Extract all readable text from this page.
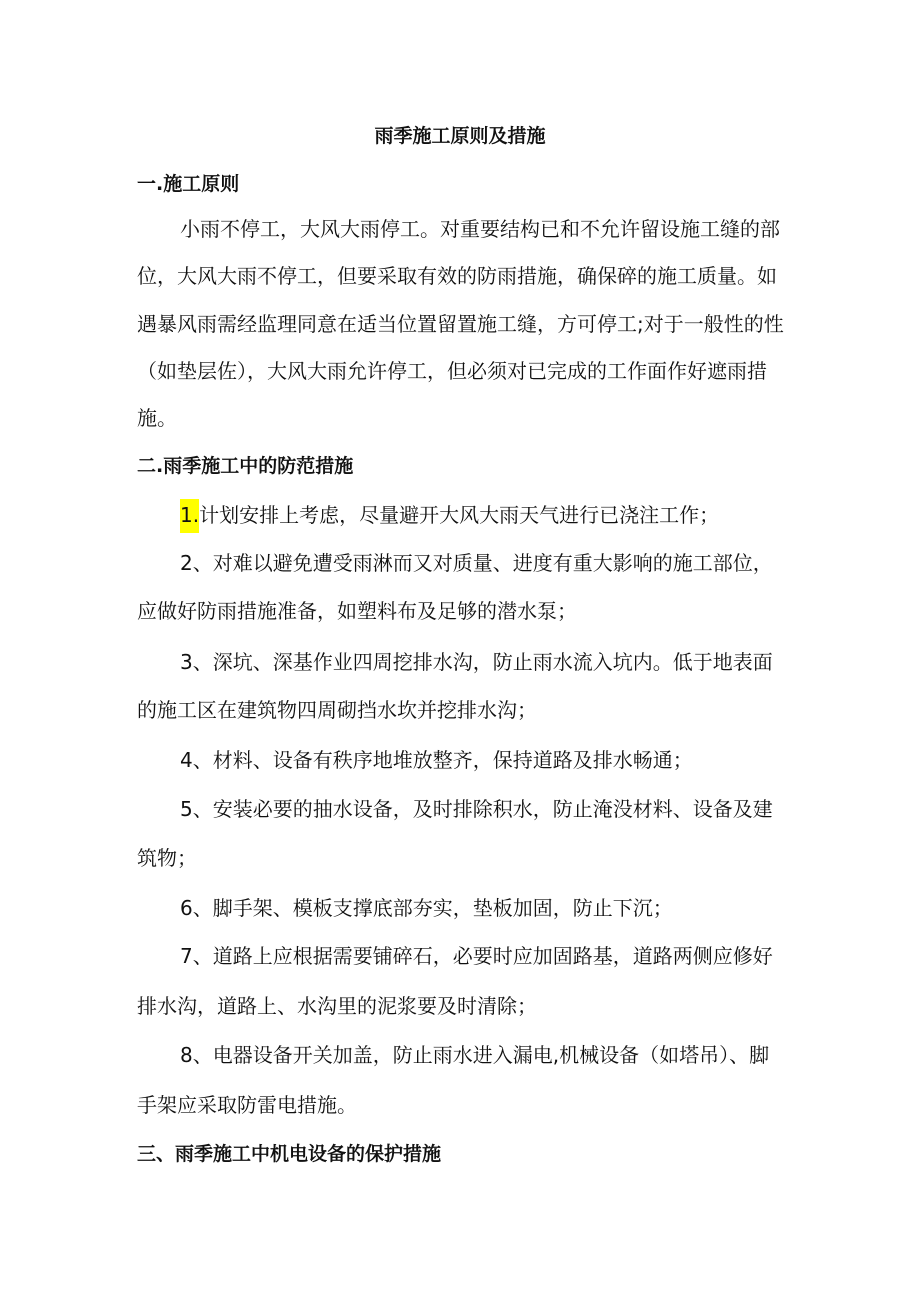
雨季施工原则及措施
一.施工原则
小雨不停工，大风大雨停工。对重要结构已和不允许留设施工缝的部
位，大风大雨不停工，但要采取有效的防雨措施，确保碎的施工质量。如
遇暴风雨需经监理同意在适当位置留置施工缝，方可停工;对于一般性的性
（如垫层佐），大风大雨允许停工，但必须对已完成的工作面作好遮雨措
施。
二.雨季施工中的防范措施
1.计划安排上考虑，尽量避开大风大雨天气进行已浇注工作；
2、对难以避免遭受雨淋而又对质量、进度有重大影响的施工部位，
应做好防雨措施准备，如塑料布及足够的潜水泵；
3、深坑、深基作业四周挖排水沟，防止雨水流入坑内。低于地表面
的施工区在建筑物四周砌挡水坎并挖排水沟；
4、材料、设备有秩序地堆放整齐，保持道路及排水畅通；
5、安装必要的抽水设备，及时排除积水，防止淹没材料、设备及建
筑物；
6、脚手架、模板支撑底部夯实，垫板加固，防止下沉；
7、道路上应根据需要铺碎石，必要时应加固路基，道路两侧应修好
排水沟，道路上、水沟里的泥浆要及时清除；
8、电器设备开关加盖，防止雨水进入漏电,机械设备（如塔吊）、脚
手架应采取防雷电措施。
三、雨季施工中机电设备的保护措施
